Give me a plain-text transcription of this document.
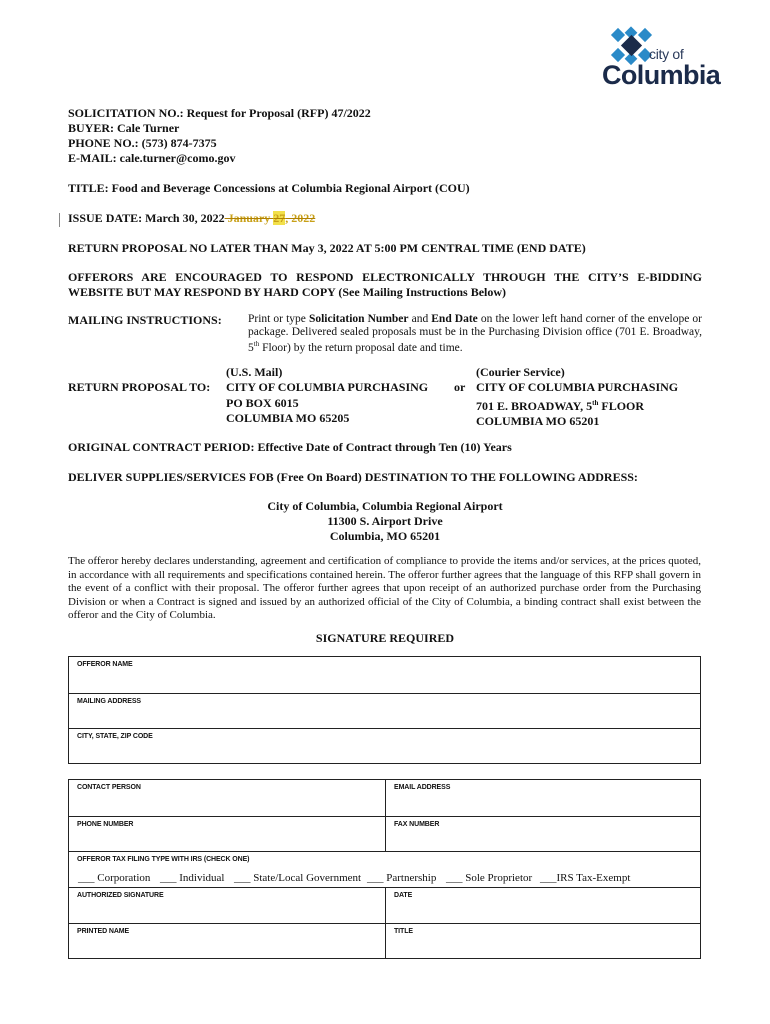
city of
Columbia
SOLICITATION NO.: Request for Proposal (RFP) 47/2022
BUYER: Cale Turner
PHONE NO.: (573) 874-7375
E-MAIL: cale.turner@como.gov
TITLE: Food and Beverage Concessions at Columbia Regional Airport (COU)
ISSUE DATE: March 30, 2022 January 27, 2022
RETURN PROPOSAL NO LATER THAN May 3, 2022 AT 5:00 PM CENTRAL TIME (END DATE)
OFFERORS ARE ENCOURAGED TO RESPOND ELECTRONICALLY THROUGH THE CITY’S E-BIDDING
WEBSITE BUT MAY RESPOND BY HARD COPY (See Mailing Instructions Below)
MAILING INSTRUCTIONS: Print or type Solicitation Number and End Date on the lower left hand corner of the envelope or package. Delivered sealed proposals must be in the Purchasing Division office (701 E. Broadway, 5th Floor) by the return proposal date and time.
RETURN PROPOSAL TO:
(U.S. Mail)
CITY OF COLUMBIA PURCHASING
PO BOX 6015
COLUMBIA MO 65205
or
(Courier Service)
CITY OF COLUMBIA PURCHASING
701 E. BROADWAY, 5th FLOOR
COLUMBIA MO 65201
ORIGINAL CONTRACT PERIOD: Effective Date of Contract through Ten (10) Years
DELIVER SUPPLIES/SERVICES FOB (Free On Board) DESTINATION TO THE FOLLOWING ADDRESS:
City of Columbia, Columbia Regional Airport
11300 S. Airport Drive
Columbia, MO 65201
The offeror hereby declares understanding, agreement and certification of compliance to provide the items and/or services, at the prices quoted, in accordance with all requirements and specifications contained herein. The offeror further agrees that the language of this RFP shall govern in the event of a conflict with their proposal. The offeror further agrees that upon receipt of an authorized purchase order from the Purchasing Division or when a Contract is signed and issued by an authorized official of the City of Columbia, a binding contract shall exist between the offeror and the City of Columbia.
SIGNATURE REQUIRED
OFFEROR NAME
MAILING ADDRESS
CITY, STATE, ZIP CODE
CONTACT PERSON	EMAIL ADDRESS
PHONE NUMBER	FAX NUMBER
OFFEROR TAX FILING TYPE WITH IRS (CHECK ONE)
AUTHORIZED SIGNATURE	DATE
PRINTED NAME	TITLE
___ Corporation ___ Individual ___ State/Local Government ___ Partnership ___ Sole Proprietor ___IRS Tax-Exempt
